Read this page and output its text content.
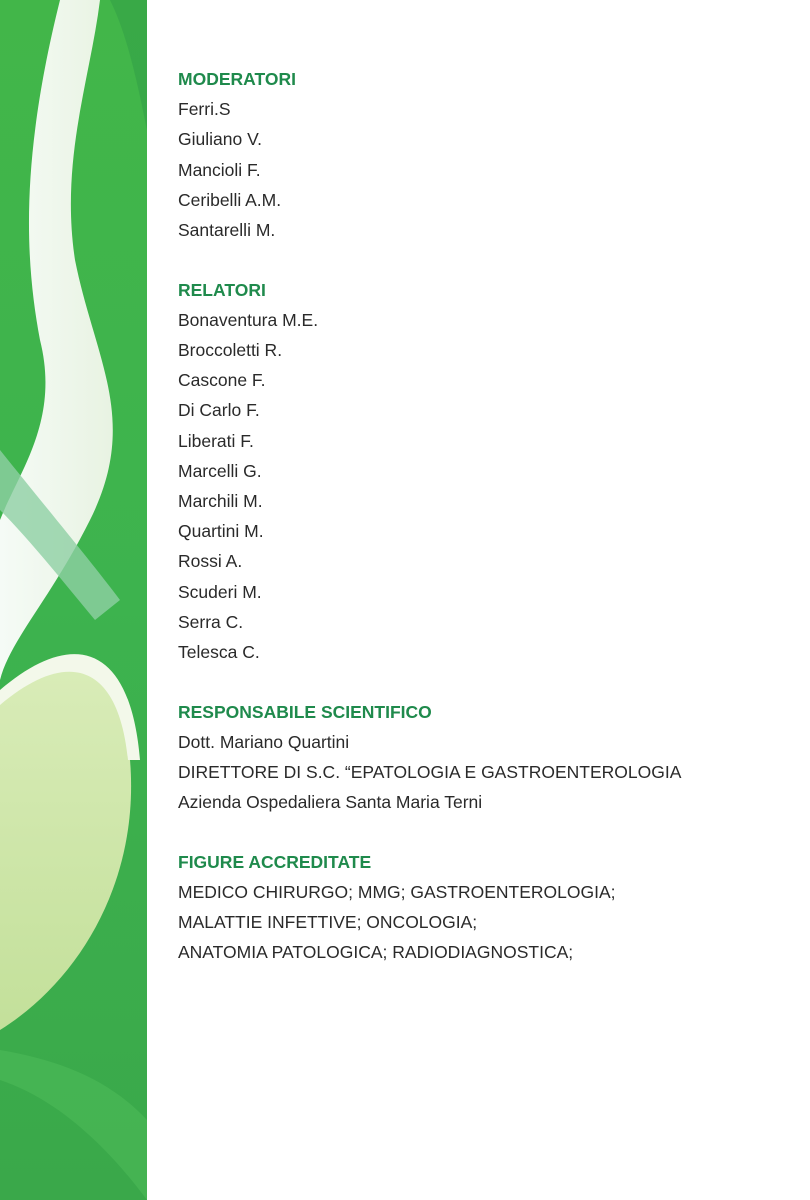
MODERATORI
Ferri.S
Giuliano V.
Mancioli F.
Ceribelli A.M.
Santarelli M.
RELATORI
Bonaventura M.E.
Broccoletti R.
Cascone F.
Di Carlo F.
Liberati F.
Marcelli G.
Marchili M.
Quartini M.
Rossi A.
Scuderi M.
Serra C.
Telesca C.
RESPONSABILE SCIENTIFICO
Dott. Mariano Quartini
DIRETTORE DI S.C. “EPATOLOGIA E GASTROENTEROLOGIA
Azienda Ospedaliera Santa Maria Terni
FIGURE ACCREDITATE
MEDICO CHIRURGO; MMG; GASTROENTEROLOGIA;
MALATTIE INFETTIVE; ONCOLOGIA;
ANATOMIA PATOLOGICA; RADIODIAGNOSTICA;
